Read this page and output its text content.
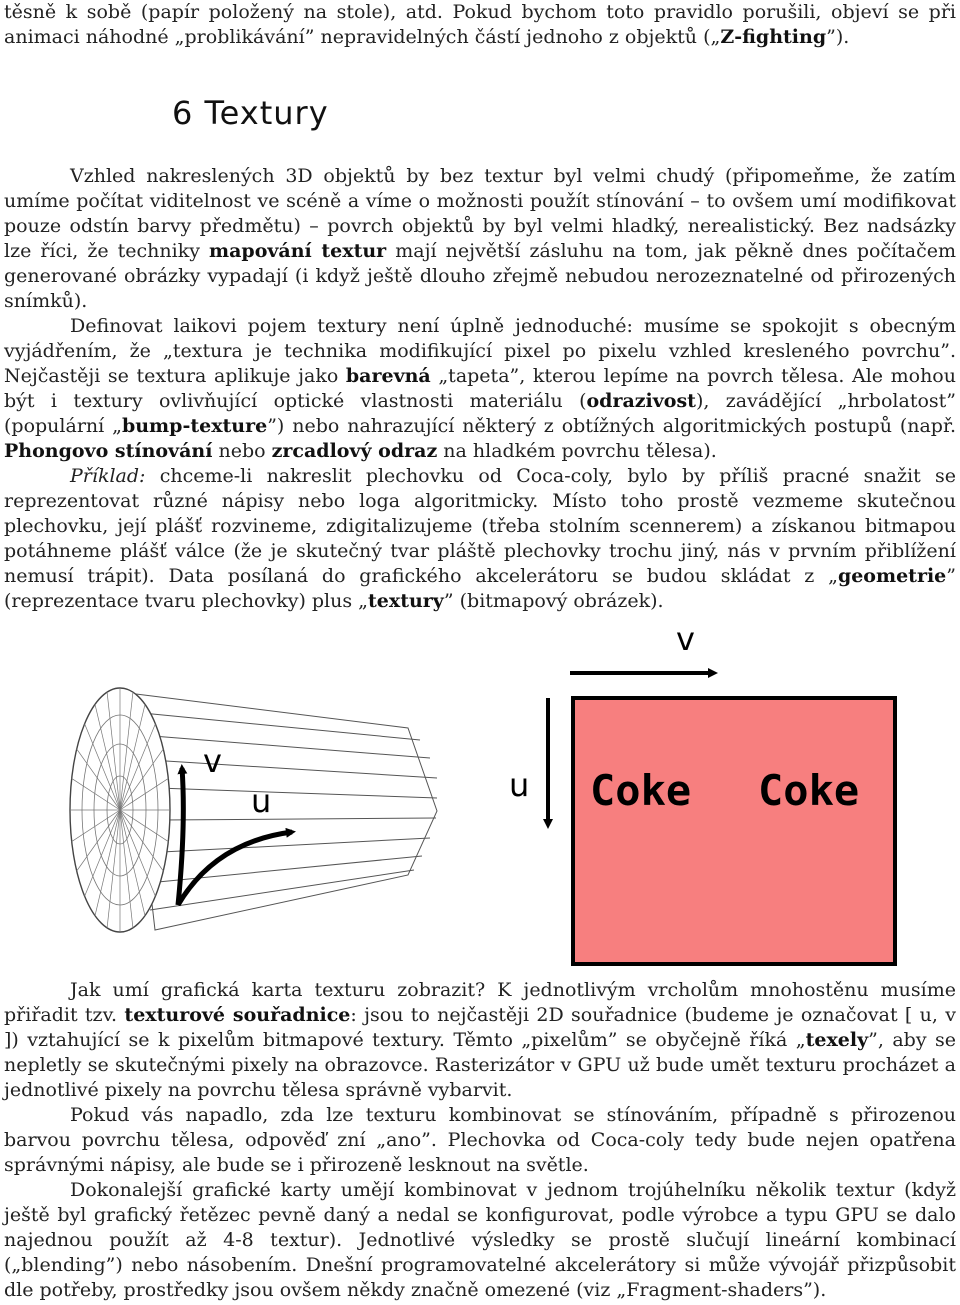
těsně k sobě (papír položený na stole), atd. Pokud bychom toto pravidlo porušili, objeví se při animaci náhodné „problikávání” nepravidelných částí jednoho z objektů („Z-fighting”).

6 Textury

Vzhled nakreslených 3D objektů by bez textur byl velmi chudý (připomeňme, že zatím umíme počítat viditelnost ve scéně a víme o možnosti použít stínování – to ovšem umí modifikovat pouze odstín barvy předmětu) – povrch objektů by byl velmi hladký, nerealistický. Bez nadsázky lze říci, že techniky mapování textur mají největší zásluhu na tom, jak pěkně dnes počítačem generované obrázky vypadají (i když ještě dlouho zřejmě nebudou nerozeznatelné od přirozených snímků).

Definovat laikovi pojem textury není úplně jednoduché: musíme se spokojit s obecným vyjádřením, že „textura je technika modifikující pixel po pixelu vzhled kresleného povrchu”. Nejčastěji se textura aplikuje jako barevná „tapeta”, kterou lepíme na povrch tělesa. Ale mohou být i textury ovlivňující optické vlastnosti materiálu (odrazivost), zavádějící „hrbolatost” (populární „bump-texture”) nebo nahrazující některý z obtížných algoritmických postupů (např. Phongovo stínování nebo zrcadlový odraz na hladkém povrchu tělesa).

Příklad: chceme-li nakreslit plechovku od Coca-coly, bylo by příliš pracné snažit se reprezentovat různé nápisy nebo loga algoritmicky. Místo toho prostě vezmeme skutečnou plechovku, její plášť rozvineme, zdigitalizujeme (třeba stolním scennerem) a získanou bitmapou potáhneme plášť válce (že je skutečný tvar pláště plechovky trochu jiný, nás v prvním přiblížení nemusí trápit). Data posílaná do grafického akcelerátoru se budou skládat z „geometrie” (reprezentace tvaru plechovky) plus „textury” (bitmapový obrázek).

v
u
v
u Coke Coke

Jak umí grafická karta texturu zobrazit? K jednotlivým vrcholům mnohostěnu musíme přiřadit tzv. texturové souřadnice: jsou to nejčastěji 2D souřadnice (budeme je označovat [ u, v ]) vztahující se k pixelům bitmapové textury. Těmto „pixelům” se obyčejně říká „texely”, aby se nepletly se skutečnými pixely na obrazovce. Rasterizátor v GPU už bude umět texturu procházet a jednotlivé pixely na povrchu tělesa správně vybarvit.

Pokud vás napadlo, zda lze texturu kombinovat se stínováním, případně s přirozenou barvou povrchu tělesa, odpověď zní „ano”. Plechovka od Coca-coly tedy bude nejen opatřena správnými nápisy, ale bude se i přirozeně lesknout na světle.

Dokonalejší grafické karty umějí kombinovat v jednom trojúhelníku několik textur (když ještě byl grafický řetězec pevně daný a nedal se konfigurovat, podle výrobce a typu GPU se dalo najednou použít až 4-8 textur). Jednotlivé výsledky se prostě slučují lineární kombinací („blending”) nebo násobením. Dnešní programovatelné akcelerátory si může vývojář přizpůsobit dle potřeby, prostředky jsou ovšem někdy značně omezené (viz „Fragment-shaders”).
